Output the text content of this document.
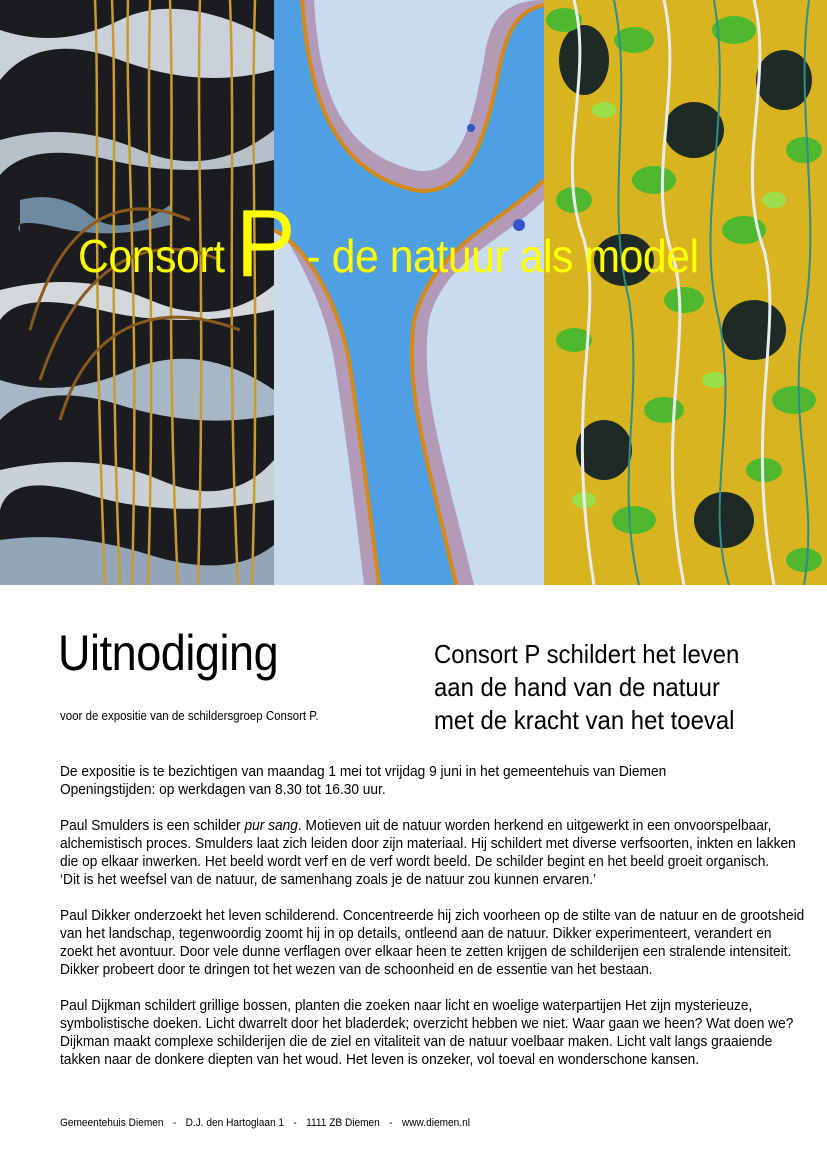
Consort P - de natuur als model
Uitnodiging
voor de expositie van de schildersgroep Consort P.
Consort P schildert het leven
aan de hand van de natuur
met de kracht van het toeval

De expositie is te bezichtigen van maandag 1 mei tot vrijdag 9 juni in het gemeentehuis van Diemen
Openingstijden: op werkdagen van 8.30 tot 16.30 uur.

Paul Smulders is een schilder pur sang. Motieven uit de natuur worden herkend en uitgewerkt in een onvoorspelbaar,
alchemistisch proces. Smulders laat zich leiden door zijn materiaal. Hij schildert met diverse verfsoorten, inkten en lakken
die op elkaar inwerken. Het beeld wordt verf en de verf wordt beeld. De schilder begint en het beeld groeit organisch.
‘Dit is het weefsel van de natuur, de samenhang zoals je de natuur zou kunnen ervaren.’

Paul Dikker onderzoekt het leven schilderend. Concentreerde hij zich voorheen op de stilte van de natuur en de grootsheid
van het landschap, tegenwoordig zoomt hij in op details, ontleend aan de natuur. Dikker experimenteert, verandert en
zoekt het avontuur. Door vele dunne verflagen over elkaar heen te zetten krijgen de schilderijen een stralende intensiteit.
Dikker probeert door te dringen tot het wezen van de schoonheid en de essentie van het bestaan.

Paul Dijkman schildert grillige bossen, planten die zoeken naar licht en woelige waterpartijen Het zijn mysterieuze,
symbolistische doeken. Licht dwarrelt door het bladerdek; overzicht hebben we niet. Waar gaan we heen? Wat doen we?
Dijkman maakt complexe schilderijen die de ziel en vitaliteit van de natuur voelbaar maken. Licht valt langs graaiende
takken naar de donkere diepten van het woud. Het leven is onzeker, vol toeval en wonderschone kansen.

Gemeentehuis Diemen - D.J. den Hartoglaan 1 - 1111 ZB Diemen - www.diemen.nl
